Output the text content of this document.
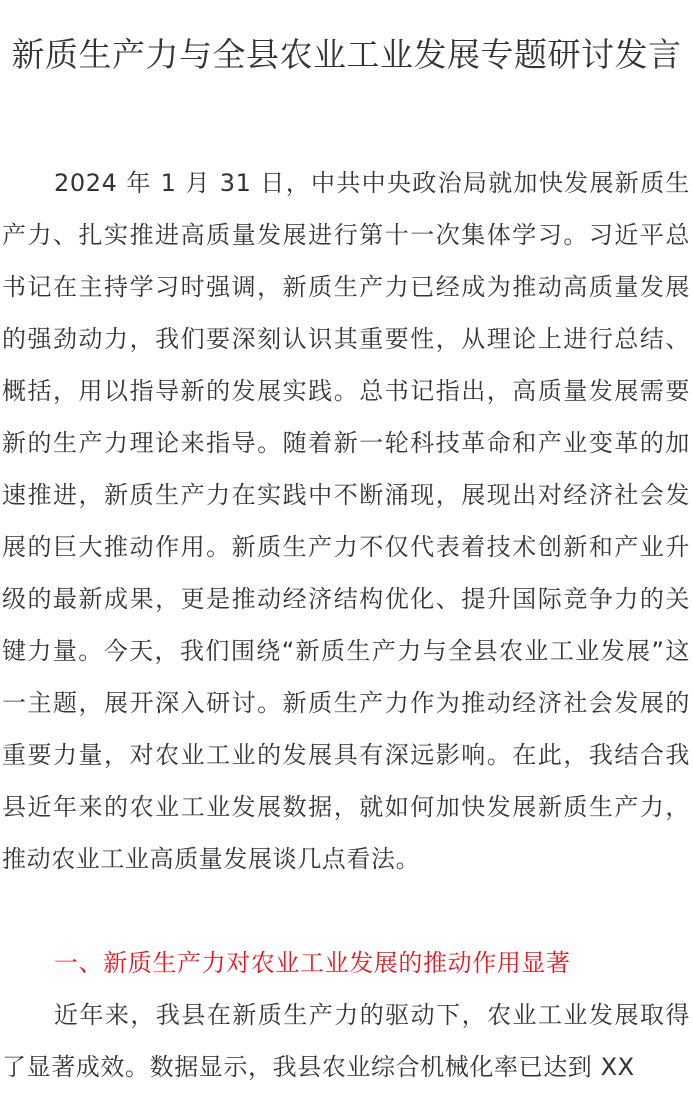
新质生产力与全县农业工业发展专题研讨发言

2024 年 1 月 31 日，中共中央政治局就加快发展新质生产力、扎实推进高质量发展进行第十一次集体学习。习近平总书记在主持学习时强调，新质生产力已经成为推动高质量发展的强劲动力，我们要深刻认识其重要性，从理论上进行总结、概括，用以指导新的发展实践。总书记指出，高质量发展需要新的生产力理论来指导。随着新一轮科技革命和产业变革的加速推进，新质生产力在实践中不断涌现，展现出对经济社会发展的巨大推动作用。新质生产力不仅代表着技术创新和产业升级的最新成果，更是推动经济结构优化、提升国际竞争力的关键力量。今天，我们围绕“新质生产力与全县农业工业发展”这一主题，展开深入研讨。新质生产力作为推动经济社会发展的重要力量，对农业工业的发展具有深远影响。在此，我结合我县近年来的农业工业发展数据，就如何加快发展新质生产力，推动农业工业高质量发展谈几点看法。

一、新质生产力对农业工业发展的推动作用显著

近年来，我县在新质生产力的驱动下，农业工业发展取得了显著成效。数据显示，我县农业综合机械化率已达到 XX
